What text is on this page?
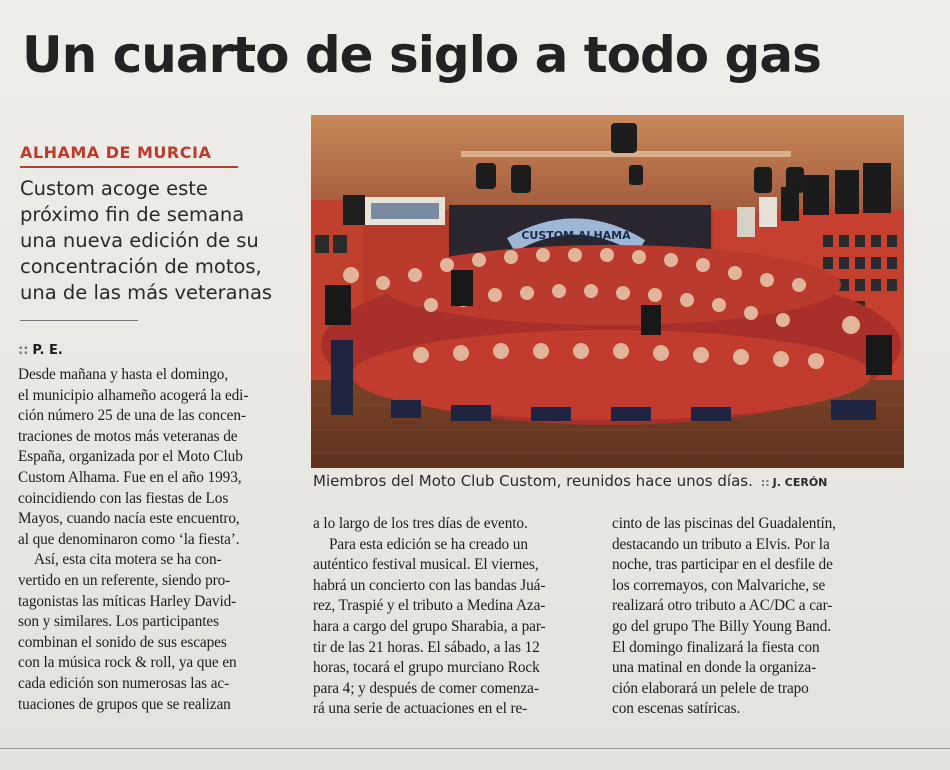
Un cuarto de siglo a todo gas
ALHAMA DE MURCIA
Custom acoge este
próximo fin de semana
una nueva edición de su
concentración de motos,
una de las más veteranas
:: P. E.
Desde mañana y hasta el domingo,
el municipio alhameño acogerá la edi-
ción número 25 de una de las concen-
traciones de motos más veteranas de
España, organizada por el Moto Club
Custom Alhama. Fue en el año 1993,
coincidiendo con las fiestas de Los
Mayos, cuando nacía este encuentro,
al que denominaron como ‘la fiesta’.
Así, esta cita motera se ha con-
vertido en un referente, siendo pro-
tagonistas las míticas Harley David-
son y similares. Los participantes
combinan el sonido de sus escapes
con la música rock & roll, ya que en
cada edición son numerosas las ac-
tuaciones de grupos que se realizan
CUSTOM ALHAMA
Miembros del Moto Club Custom, reunidos hace unos días. :: J. CERÓN
a lo largo de los tres días de evento.
Para esta edición se ha creado un
auténtico festival musical. El viernes,
habrá un concierto con las bandas Juá-
rez, Traspié y el tributo a Medina Aza-
hara a cargo del grupo Sharabia, a par-
tir de las 21 horas. El sábado, a las 12
horas, tocará el grupo murciano Rock
para 4; y después de comer comenza-
rá una serie de actuaciones en el re-
cinto de las piscinas del Guadalentín,
destacando un tributo a Elvis. Por la
noche, tras participar en el desfile de
los corremayos, con Malvariche, se
realizará otro tributo a AC/DC a car-
go del grupo The Billy Young Band.
El domingo finalizará la fiesta con
una matinal en donde la organiza-
ción elaborará un pelele de trapo
con escenas satíricas.
